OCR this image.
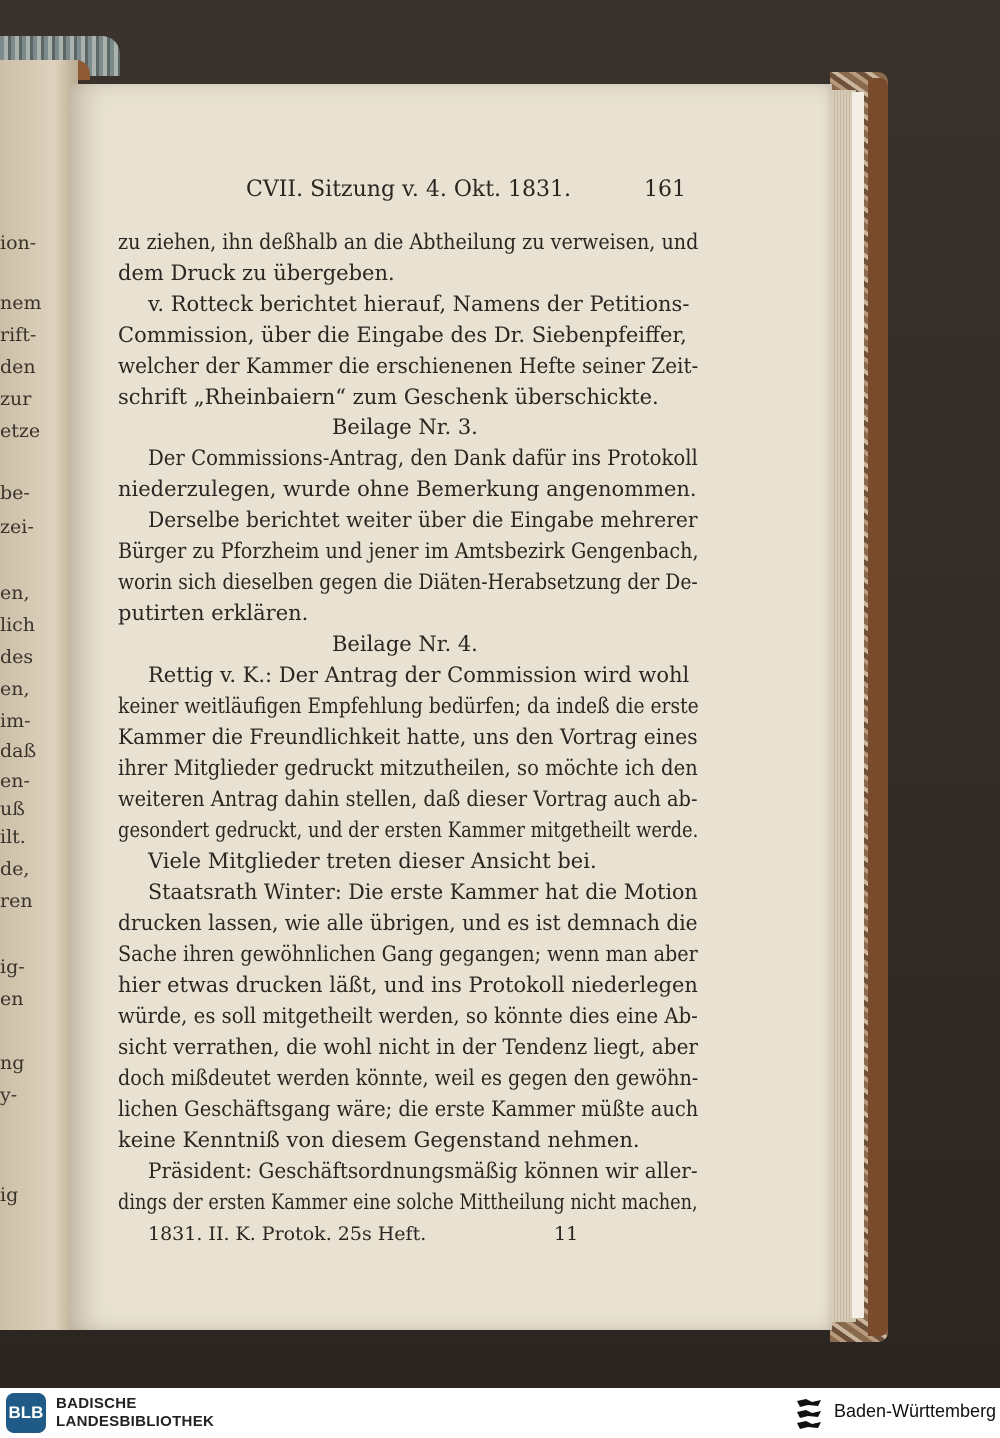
ion-
nem
rift-
den
zur
etze
be-
zei-
en,
lich
des
en,
im-
daß
en-
uß
ilt.
de,
ren
ig-
en
ng
y-
ig
CVII. Sitzung v. 4. Okt. 1831.	161
zu ziehen, ihn deßhalb an die Abtheilung zu verweisen, und
dem Druck zu übergeben.
v. Rotteck berichtet hierauf, Namens der Petitions-
Commission, über die Eingabe des Dr. Siebenpfeiffer,
welcher der Kammer die erschienenen Hefte seiner Zeit-
schrift „Rheinbaiern“ zum Geschenk überschickte.
Beilage Nr. 3.
Der Commissions-Antrag, den Dank dafür ins Protokoll
niederzulegen, wurde ohne Bemerkung angenommen.
Derselbe berichtet weiter über die Eingabe mehrerer
Bürger zu Pforzheim und jener im Amtsbezirk Gengenbach,
worin sich dieselben gegen die Diäten-Herabsetzung der De-
putirten erklären.
Beilage Nr. 4.
Rettig v. K.: Der Antrag der Commission wird wohl
keiner weitläufigen Empfehlung bedürfen; da indeß die erste
Kammer die Freundlichkeit hatte, uns den Vortrag eines
ihrer Mitglieder gedruckt mitzutheilen, so möchte ich den
weiteren Antrag dahin stellen, daß dieser Vortrag auch ab-
gesondert gedruckt, und der ersten Kammer mitgetheilt werde.
Viele Mitglieder treten dieser Ansicht bei.
Staatsrath Winter: Die erste Kammer hat die Motion
drucken lassen, wie alle übrigen, und es ist demnach die
Sache ihren gewöhnlichen Gang gegangen; wenn man aber
hier etwas drucken läßt, und ins Protokoll niederlegen
würde, es soll mitgetheilt werden, so könnte dies eine Ab-
sicht verrathen, die wohl nicht in der Tendenz liegt, aber
doch mißdeutet werden könnte, weil es gegen den gewöhn-
lichen Geschäftsgang wäre; die erste Kammer müßte auch
keine Kenntniß von diesem Gegenstand nehmen.
Präsident: Geschäftsordnungsmäßig können wir aller-
dings der ersten Kammer eine solche Mittheilung nicht machen,
1831. II. K. Protok. 25s Heft.	11
BLB BADISCHE
LANDESBIBLIOTHEK
Baden-Württemberg
